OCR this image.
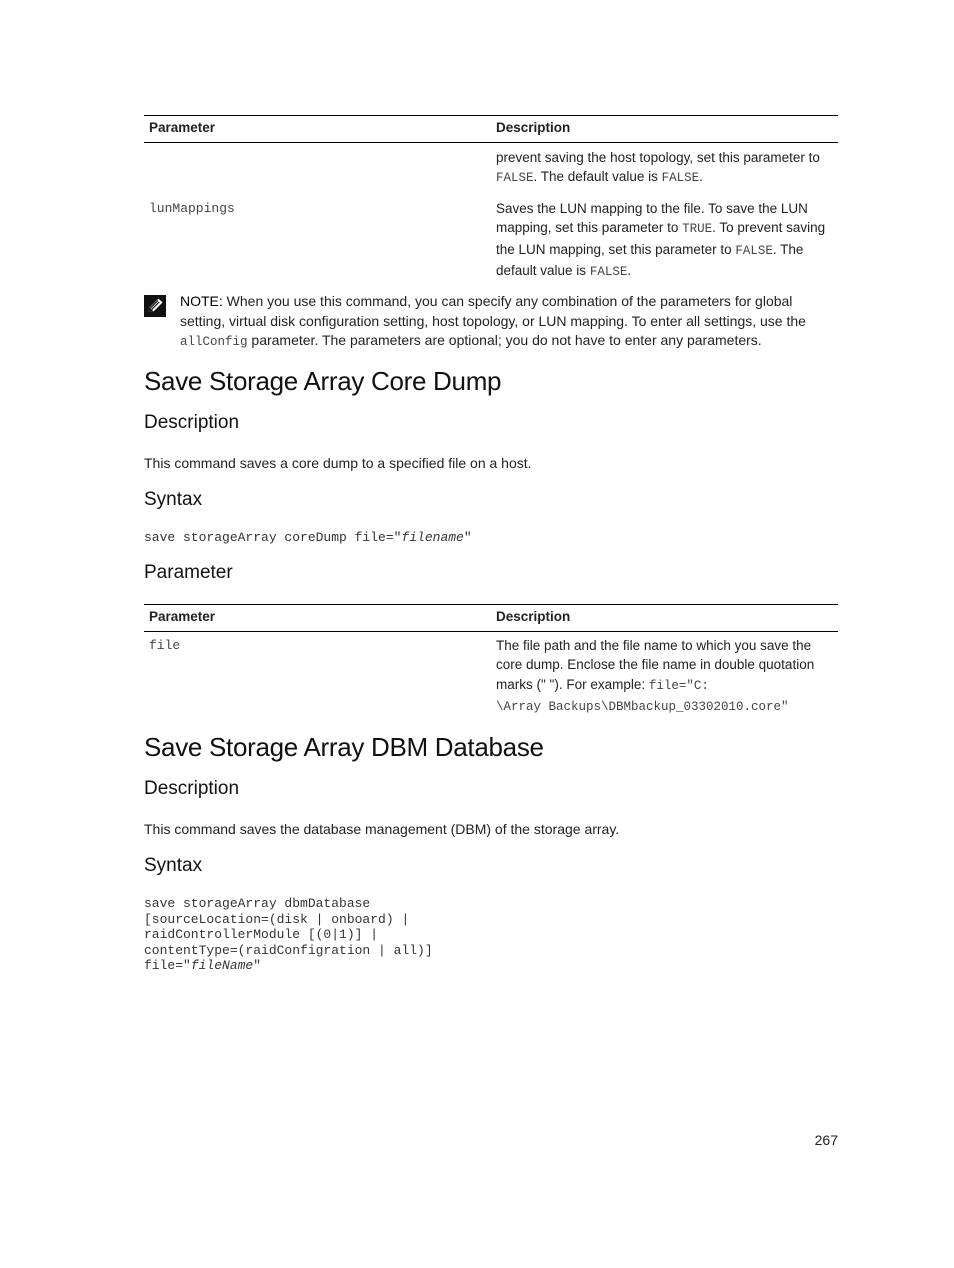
Parameter	Description
	prevent saving the host topology, set this parameter to FALSE. The default value is FALSE.
lunMappings	Saves the LUN mapping to the file. To save the LUN mapping, set this parameter to TRUE. To prevent saving the LUN mapping, set this parameter to FALSE. The default value is FALSE.
NOTE: When you use this command, you can specify any combination of the parameters for global setting, virtual disk configuration setting, host topology, or LUN mapping. To enter all settings, use the allConfig parameter. The parameters are optional; you do not have to enter any parameters.
Save Storage Array Core Dump
Description

This command saves a core dump to a specified file on a host.

Syntax
save storageArray coreDump file="filename"
Parameter
Parameter	Description
file	The file path and the file name to which you save the core dump. Enclose the file name in double quotation marks (" "). For example: file="C:
\Array Backups\DBMbackup_03302010.core"
Save Storage Array DBM Database
Description

This command saves the database management (DBM) of the storage array.

Syntax
save storageArray dbmDatabase
[sourceLocation=(disk | onboard) |
raidControllerModule [(0|1)] |
contentType=(raidConfigration | all)]
file="fileName"
267
